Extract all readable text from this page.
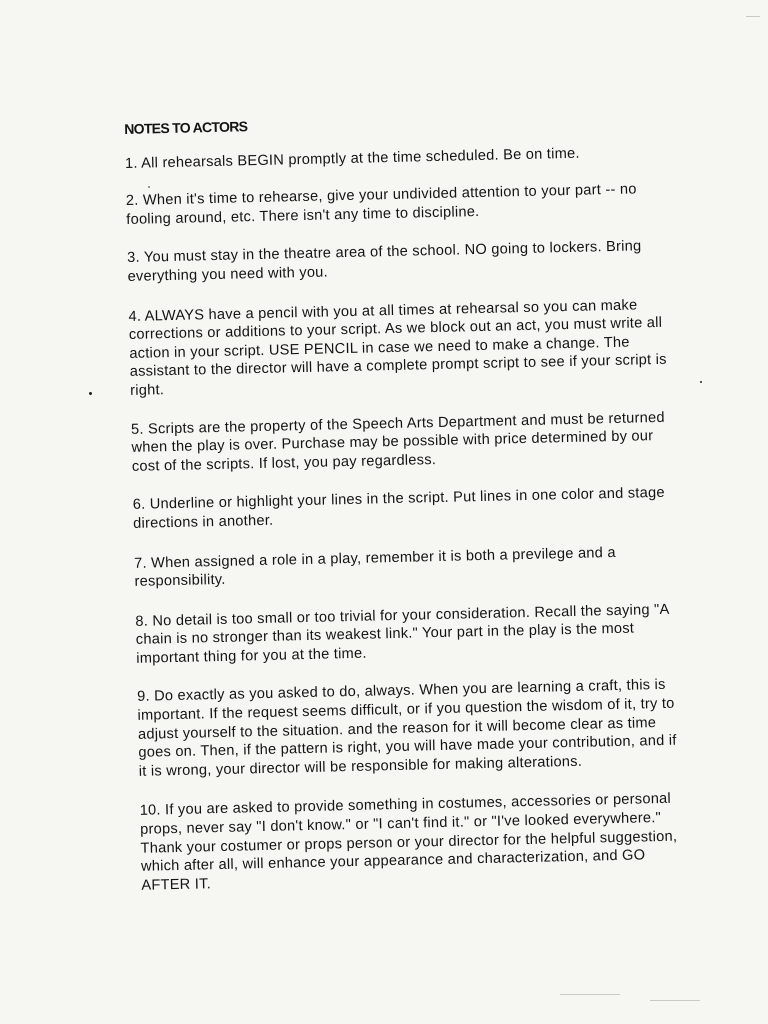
NOTES TO ACTORS

1. All rehearsals BEGIN promptly at the time scheduled. Be on time.

2. When it's time to rehearse, give your undivided attention to your part -- no fooling around, etc. There isn't any time to discipline.

3. You must stay in the theatre area of the school. NO going to lockers. Bring everything you need with you.

4. ALWAYS have a pencil with you at all times at rehearsal so you can make corrections or additions to your script. As we block out an act, you must write all action in your script. USE PENCIL in case we need to make a change. The assistant to the director will have a complete prompt script to see if your script is right.

5. Scripts are the property of the Speech Arts Department and must be returned when the play is over. Purchase may be possible with price determined by our cost of the scripts. If lost, you pay regardless.

6. Underline or highlight your lines in the script. Put lines in one color and stage directions in another.

7. When assigned a role in a play, remember it is both a previlege and a responsibility.

8. No detail is too small or too trivial for your consideration. Recall the saying "A chain is no stronger than its weakest link." Your part in the play is the most important thing for you at the time.

9. Do exactly as you asked to do, always. When you are learning a craft, this is important. If the request seems difficult, or if you question the wisdom of it, try to adjust yourself to the situation. and the reason for it will become clear as time goes on. Then, if the pattern is right, you will have made your contribution, and if it is wrong, your director will be responsible for making alterations.

10. If you are asked to provide something in costumes, accessories or personal props, never say "I don't know." or "I can't find it." or "I've looked everywhere." Thank your costumer or props person or your director for the helpful suggestion, which after all, will enhance your appearance and characterization, and GO AFTER IT.
